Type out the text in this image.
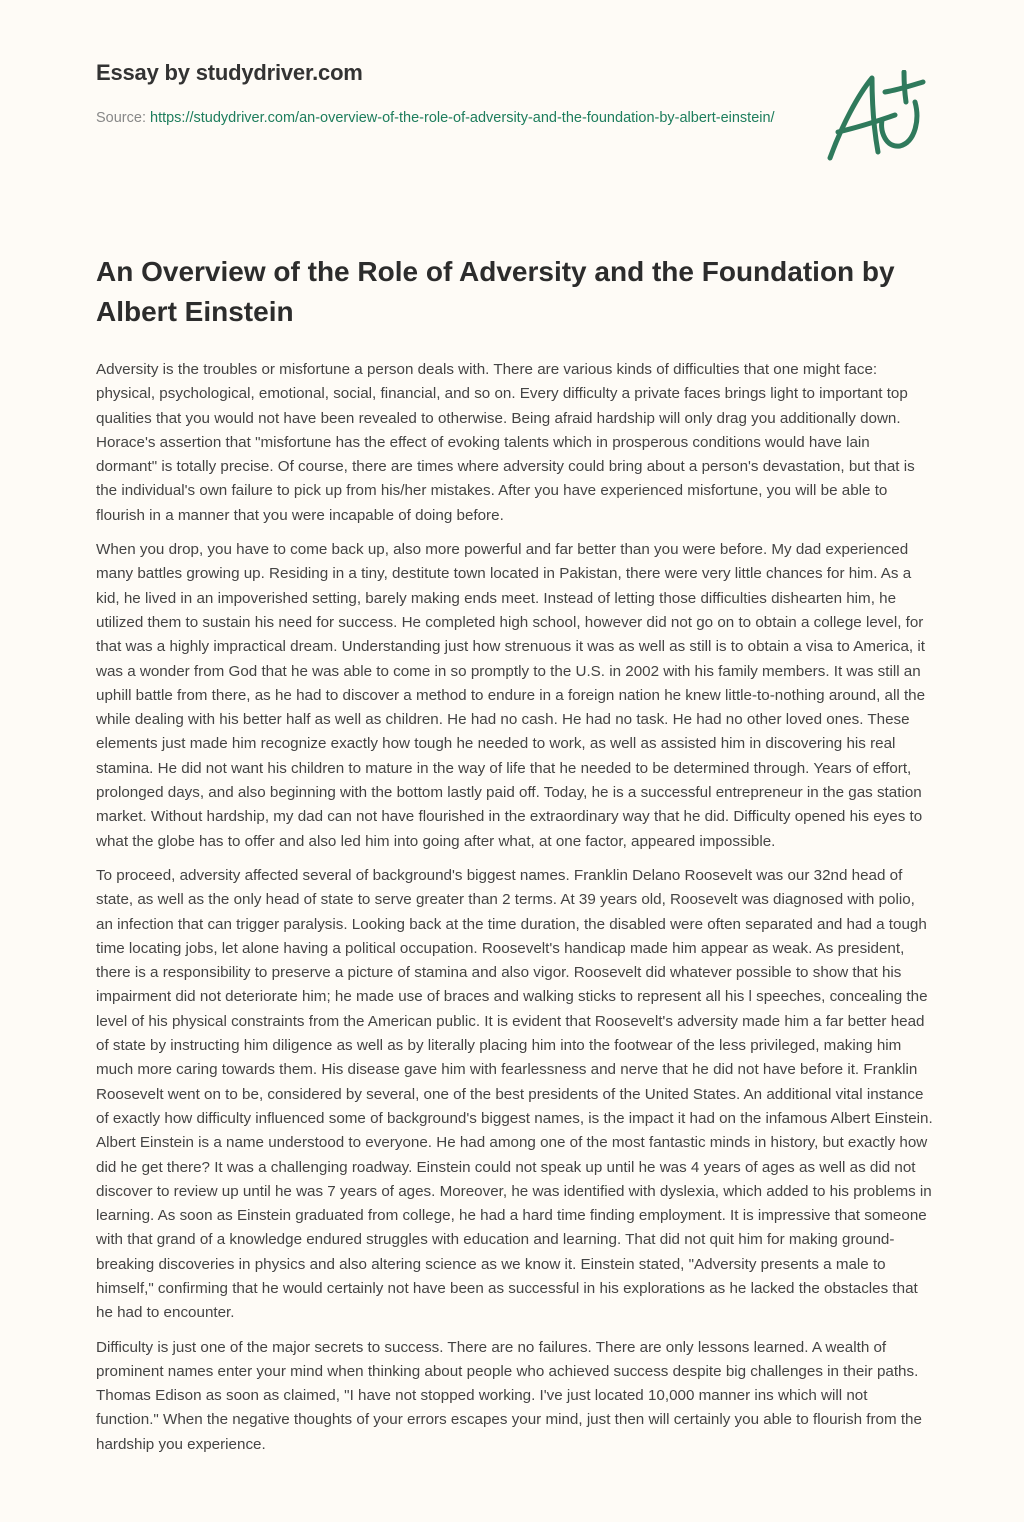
Essay by studydriver.com
Source: https://studydriver.com/an-overview-of-the-role-of-adversity-and-the-foundation-by-albert-einstein/
An Overview of the Role of Adversity and the Foundation by Albert Einstein

Adversity is the troubles or misfortune a person deals with. There are various kinds of difficulties that one might face: physical, psychological, emotional, social, financial, and so on. Every difficulty a private faces brings light to important top qualities that you would not have been revealed to otherwise. Being afraid hardship will only drag you additionally down. Horace's assertion that "misfortune has the effect of evoking talents which in prosperous conditions would have lain dormant" is totally precise. Of course, there are times where adversity could bring about a person's devastation, but that is the individual's own failure to pick up from his/her mistakes. After you have experienced misfortune, you will be able to flourish in a manner that you were incapable of doing before.

When you drop, you have to come back up, also more powerful and far better than you were before. My dad experienced many battles growing up. Residing in a tiny, destitute town located in Pakistan, there were very little chances for him. As a kid, he lived in an impoverished setting, barely making ends meet. Instead of letting those difficulties dishearten him, he utilized them to sustain his need for success. He completed high school, however did not go on to obtain a college level, for that was a highly impractical dream. Understanding just how strenuous it was as well as still is to obtain a visa to America, it was a wonder from God that he was able to come in so promptly to the U.S. in 2002 with his family members. It was still an uphill battle from there, as he had to discover a method to endure in a foreign nation he knew little-to-nothing around, all the while dealing with his better half as well as children. He had no cash. He had no task. He had no other loved ones. These elements just made him recognize exactly how tough he needed to work, as well as assisted him in discovering his real stamina. He did not want his children to mature in the way of life that he needed to be determined through. Years of effort, prolonged days, and also beginning with the bottom lastly paid off. Today, he is a successful entrepreneur in the gas station market. Without hardship, my dad can not have flourished in the extraordinary way that he did. Difficulty opened his eyes to what the globe has to offer and also led him into going after what, at one factor, appeared impossible.

To proceed, adversity affected several of background's biggest names. Franklin Delano Roosevelt was our 32nd head of state, as well as the only head of state to serve greater than 2 terms. At 39 years old, Roosevelt was diagnosed with polio, an infection that can trigger paralysis. Looking back at the time duration, the disabled were often separated and had a tough time locating jobs, let alone having a political occupation. Roosevelt's handicap made him appear as weak. As president, there is a responsibility to preserve a picture of stamina and also vigor. Roosevelt did whatever possible to show that his impairment did not deteriorate him; he made use of braces and walking sticks to represent all his l speeches, concealing the level of his physical constraints from the American public. It is evident that Roosevelt's adversity made him a far better head of state by instructing him diligence as well as by literally placing him into the footwear of the less privileged, making him much more caring towards them. His disease gave him with fearlessness and nerve that he did not have before it. Franklin Roosevelt went on to be, considered by several, one of the best presidents of the United States. An additional vital instance of exactly how difficulty influenced some of background's biggest names, is the impact it had on the infamous Albert Einstein. Albert Einstein is a name understood to everyone. He had among one of the most fantastic minds in history, but exactly how did he get there? It was a challenging roadway. Einstein could not speak up until he was 4 years of ages as well as did not discover to review up until he was 7 years of ages. Moreover, he was identified with dyslexia, which added to his problems in learning. As soon as Einstein graduated from college, he had a hard time finding employment. It is impressive that someone with that grand of a knowledge endured struggles with education and learning. That did not quit him for making ground-breaking discoveries in physics and also altering science as we know it. Einstein stated, "Adversity presents a male to himself," confirming that he would certainly not have been as successful in his explorations as he lacked the obstacles that he had to encounter.

Difficulty is just one of the major secrets to success. There are no failures. There are only lessons learned. A wealth of prominent names enter your mind when thinking about people who achieved success despite big challenges in their paths. Thomas Edison as soon as claimed, "I have not stopped working. I've just located 10,000 manner ins which will not function." When the negative thoughts of your errors escapes your mind, just then will certainly you able to flourish from the hardship you experience.
